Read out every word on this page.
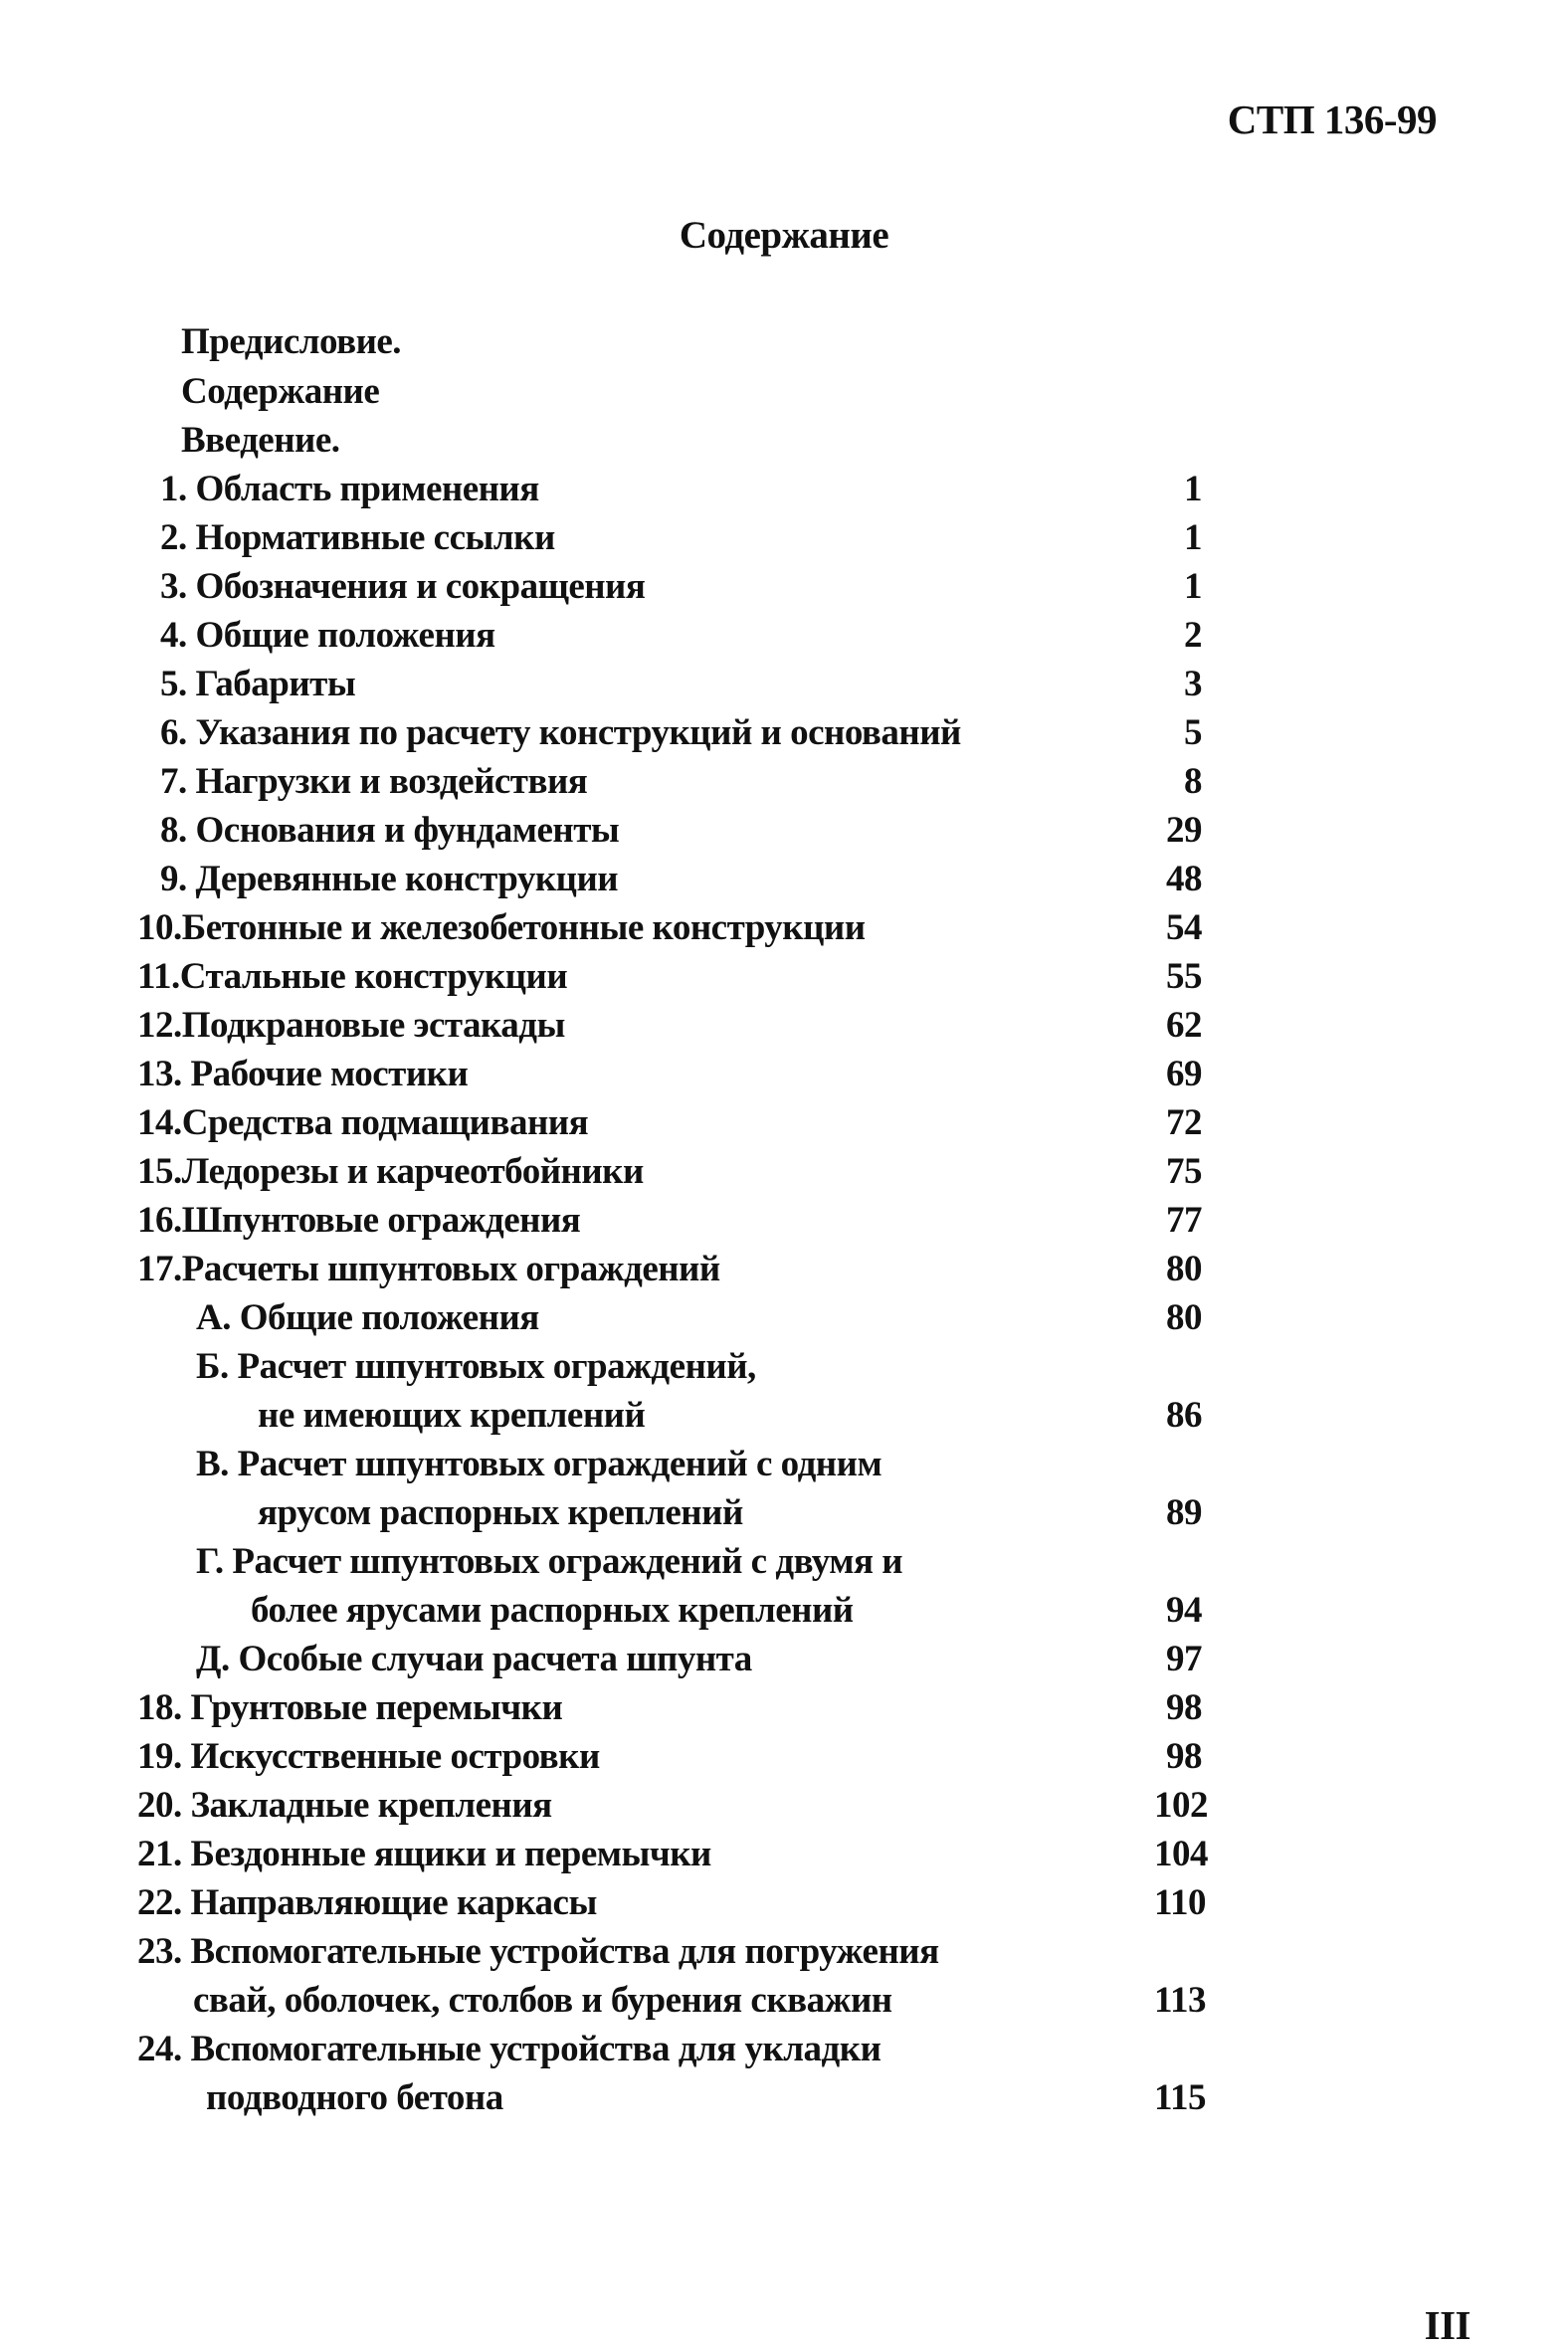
СТП 136-99
Содержание
Предисловие.
Содержание
Введение.
1. Область применения	1
2. Нормативные ссылки	1
3. Обозначения и сокращения	1
4. Общие положения	2
5. Габариты	3
6. Указания по расчету конструкций и оснований	5
7. Нагрузки и воздействия	8
8. Основания и фундаменты	29
9. Деревянные конструкции	48
10.Бетонные и железобетонные конструкции	54
11.Стальные конструкции	55
12.Подкрановые эстакады	62
13. Рабочие мостики	69
14.Средства подмащивания	72
15.Ледорезы и карчеотбойники	75
16.Шпунтовые ограждения	77
17.Расчеты шпунтовых ограждений	80
А. Общие положения	80
Б. Расчет шпунтовых ограждений,
не имеющих креплений	86
В. Расчет шпунтовых ограждений с одним
ярусом распорных креплений	89
Г. Расчет шпунтовых ограждений с двумя и
более ярусами распорных креплений	94
Д. Особые случаи расчета шпунта	97
18. Грунтовые перемычки	98
19. Искусственные островки	98
20. Закладные крепления	102
21. Бездонные ящики и перемычки	104
22. Направляющие каркасы	110
23. Вспомогательные устройства для погружения
свай, оболочек, столбов и бурения скважин	113
24. Вспомогательные устройства для укладки
подводного бетона	115
III
